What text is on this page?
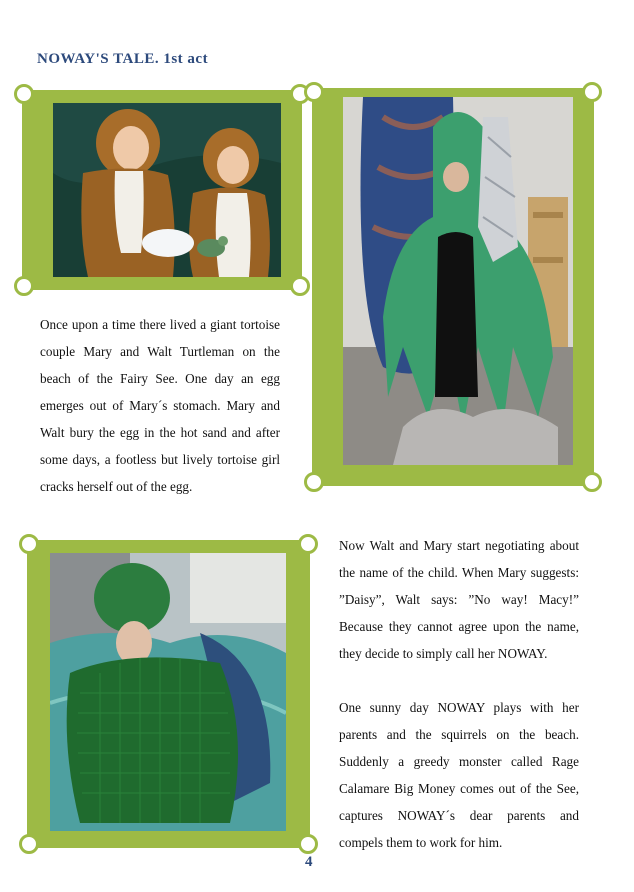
NOWAY'S TALE. 1st act

Once upon a time there lived a giant tortoise couple Mary and Walt Turtleman on the beach of the Fairy See. One day an egg emerges out of Mary´s stomach. Mary and Walt bury the egg in the hot sand and after some days, a footless but lively tortoise girl cracks herself out of the egg.

Now Walt and Mary start negotiating about the name of the child. When Mary suggests: ”Daisy”, Walt says: ”No way! Macy!” Because they cannot agree upon the name, they decide to simply call her NOWAY.

One sunny day NOWAY plays with her parents and the squirrels on the beach. Suddenly a greedy monster called Rage Calamare Big Money comes out of the See, captures NOWAY´s dear parents and compels them to work for him.

4
